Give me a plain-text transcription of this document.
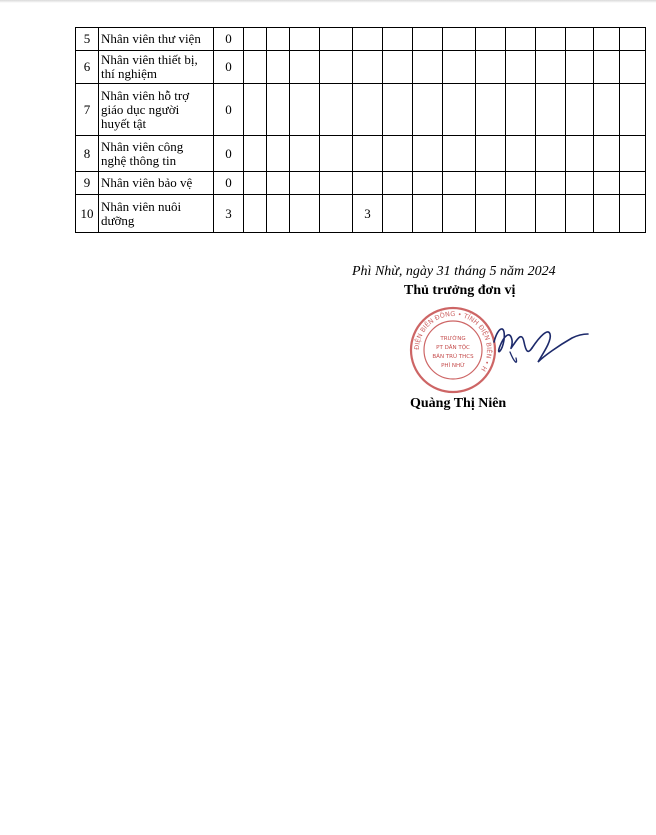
5	Nhân viên thư viện	0														
6	Nhân viên thiết bị, thí nghiệm	0														
7	Nhân viên hỗ trợ giáo dục người huyết tật	0														
8	Nhân viên công nghệ thông tin	0														
9	Nhân viên bảo vệ	0														
10	Nhân viên nuôi dưỡng	3					3									
Phì Nhừ, ngày 31 tháng 5 năm 2024
Thủ trưởng đơn vị
ĐIỆN BIÊN ĐÔNG • TỈNH ĐIỆN BIÊN • H
TRƯỜNG
PT DÂN TỘC
BÁN TRÚ THCS
PHÌ NHỪ
Quàng Thị Niên
